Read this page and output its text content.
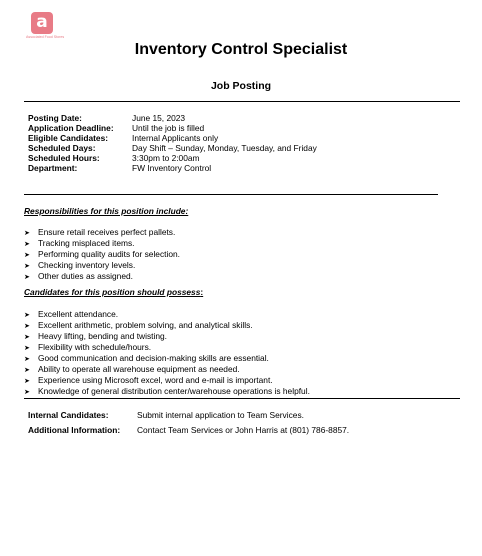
a
Associated Food Stores
Inventory Control Specialist
Job Posting
Posting Date:	June 15, 2023
Application Deadline:	Until the job is filled
Eligible Candidates:	Internal Applicants only
Scheduled Days:	Day Shift – Sunday, Monday, Tuesday, and Friday
Scheduled Hours:	3:30pm to 2:00am
Department:	FW Inventory Control
Responsibilities for this position include:
➤ Ensure retail receives perfect pallets.
➤ Tracking misplaced items.
➤ Performing quality audits for selection.
➤ Checking inventory levels.
➤ Other duties as assigned.
Candidates for this position should possess:
➤ Excellent attendance.
➤ Excellent arithmetic, problem solving, and analytical skills.
➤ Heavy lifting, bending and twisting.
➤ Flexibility with schedule/hours.
➤ Good communication and decision-making skills are essential.
➤ Ability to operate all warehouse equipment as needed.
➤ Experience using Microsoft excel, word and e-mail is important.
➤ Knowledge of general distribution center/warehouse operations is helpful.
Internal Candidates:	Submit internal application to Team Services.
Additional Information:	Contact Team Services or John Harris at (801) 786-8857.
